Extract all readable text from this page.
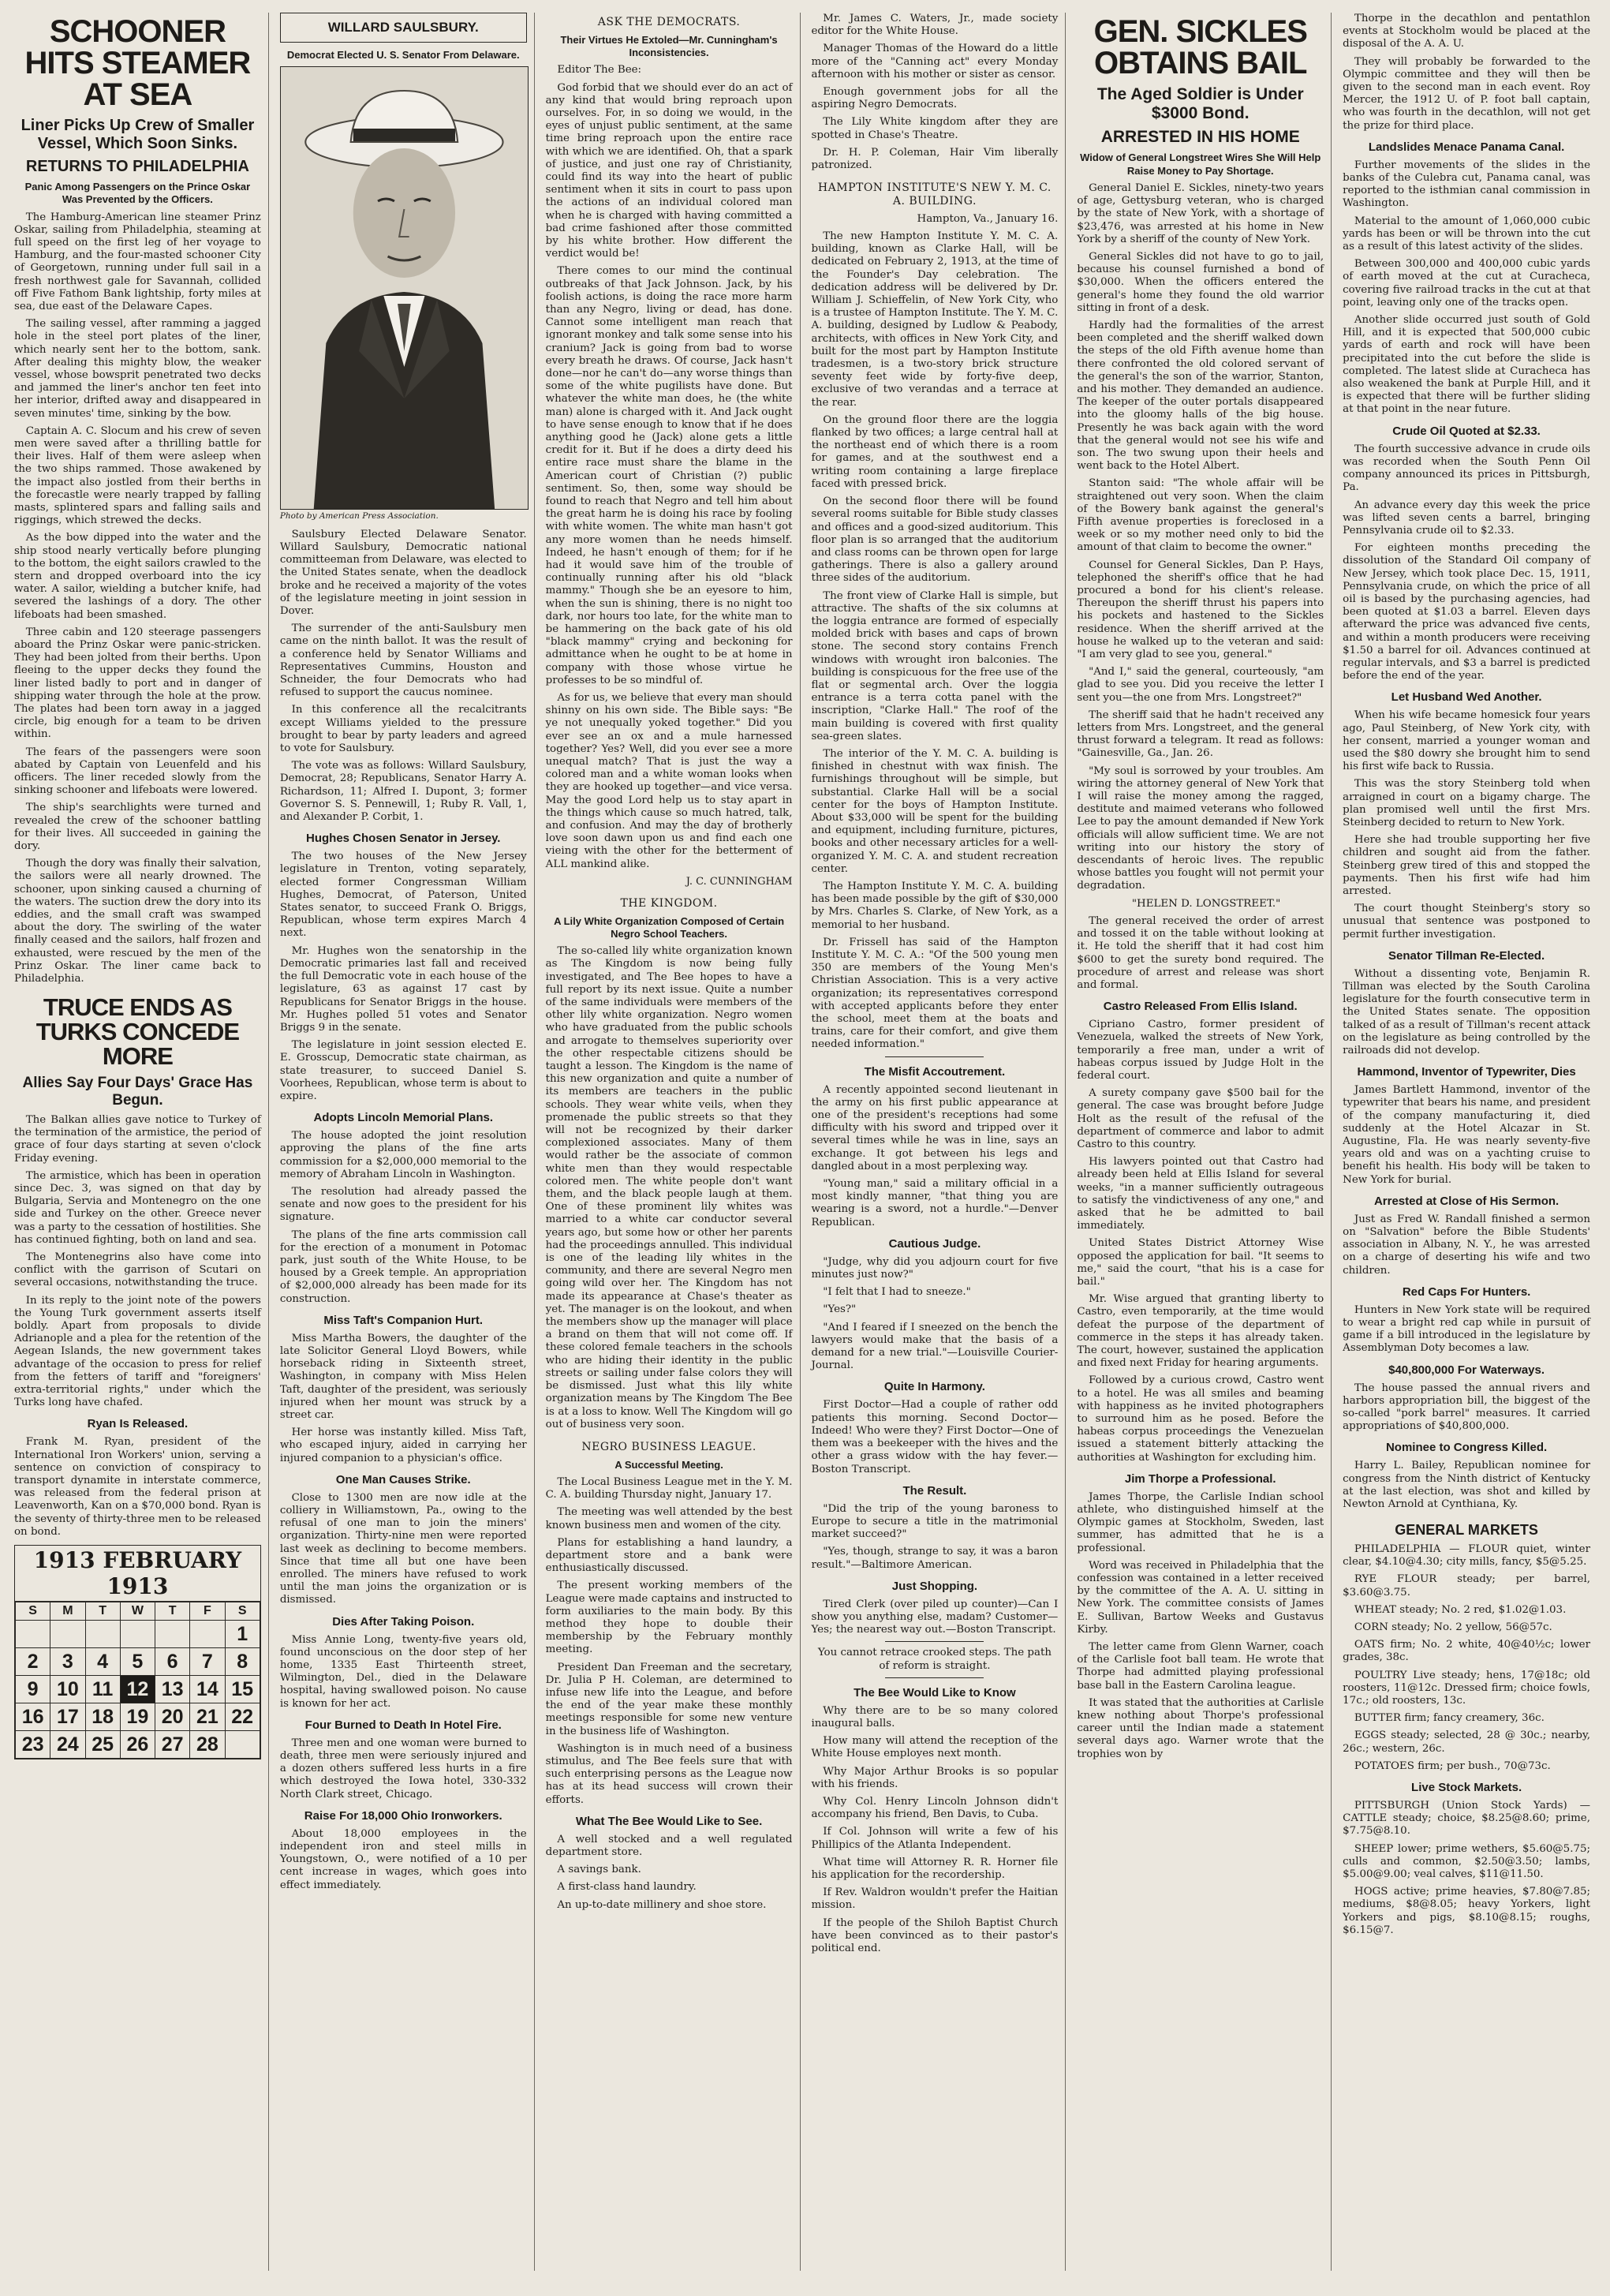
SCHOONER HITS STEAMER AT SEA
Liner Picks Up Crew of Smaller Vessel, Which Soon Sinks.
RETURNS TO PHILADELPHIA
Panic Among Passengers on the Prince Oskar Was Prevented by the Officers.

The Hamburg-American line steamer Prinz Oskar, sailing from Philadelphia, steaming at full speed on the first leg of her voyage to Hamburg, and the four-masted schooner City of Georgetown, running under full sail in a fresh northwest gale for Savannah, collided off Five Fathom Bank lightship, forty miles at sea, due east of the Delaware Capes.

The sailing vessel, after ramming a jagged hole in the steel port plates of the liner, which nearly sent her to the bottom, sank. After dealing this mighty blow, the weaker vessel, whose bowsprit penetrated two decks and jammed the liner's anchor ten feet into her interior, drifted away and disappeared in seven minutes' time, sinking by the bow.

Captain A. C. Slocum and his crew of seven men were saved after a thrilling battle for their lives. Half of them were asleep when the two ships rammed. Those awakened by the impact also jostled from their berths in the forecastle were nearly trapped by falling masts, splintered spars and falling sails and riggings, which strewed the decks.

As the bow dipped into the water and the ship stood nearly vertically before plunging to the bottom, the eight sailors crawled to the stern and dropped overboard into the icy water. A sailor, wielding a butcher knife, had severed the lashings of a dory. The other lifeboats had been smashed.

Three cabin and 120 steerage passengers aboard the Prinz Oskar were panic-stricken. They had been jolted from their berths. Upon fleeing to the upper decks they found the liner listed badly to port and in danger of shipping water through the hole at the prow. The plates had been torn away in a jagged circle, big enough for a team to be driven within.

The fears of the passengers were soon abated by Captain von Leuenfeld and his officers. The liner receded slowly from the sinking schooner and lifeboats were lowered.

The ship's searchlights were turned and revealed the crew of the schooner battling for their lives. All succeeded in gaining the dory.

Though the dory was finally their salvation, the sailors were all nearly drowned. The schooner, upon sinking caused a churning of the waters. The suction drew the dory into its eddies, and the small craft was swamped about the dory. The swirling of the water finally ceased and the sailors, half frozen and exhausted, were rescued by the men of the Prinz Oskar. The liner came back to Philadelphia.

TRUCE ENDS AS TURKS CONCEDE MORE
Allies Say Four Days' Grace Has Begun.

The Balkan allies gave notice to Turkey of the termination of the armistice, the period of grace of four days starting at seven o'clock Friday evening.

The armistice, which has been in operation since Dec. 3, was signed on that day by Bulgaria, Servia and Montenegro on the one side and Turkey on the other. Greece never was a party to the cessation of hostilities. She has continued fighting, both on land and sea.

The Montenegrins also have come into conflict with the garrison of Scutari on several occasions, notwithstanding the truce.

In its reply to the joint note of the powers the Young Turk government asserts itself boldly. Apart from proposals to divide Adrianople and a plea for the retention of the Aegean Islands, the new government takes advantage of the occasion to press for relief from the fetters of tariff and "foreigners' extra-territorial rights," under which the Turks long have chafed.

Ryan Is Released.

Frank M. Ryan, president of the International Iron Workers' union, serving a sentence on conviction of conspiracy to transport dynamite in interstate commerce, was released from the federal prison at Leavenworth, Kan on a $70,000 bond. Ryan is the seventy of thirty-three men to be released on bond.

1913 FEBRUARY 1913
S	M	T	W	T	F	S
						1
2	3	4	5	6	7	8
9	10	11	12	13	14	15
16	17	18	19	20	21	22
23	24	25	26	27	28	
WILLARD SAULSBURY.
Democrat Elected U. S. Senator From Delaware.
Photo by American Press Association.

Saulsbury Elected Delaware Senator. Willard Saulsbury, Democratic national committeeman from Delaware, was elected to the United States senate, when the deadlock broke and he received a majority of the votes of the legislature meeting in joint session in Dover.

The surrender of the anti-Saulsbury men came on the ninth ballot. It was the result of a conference held by Senator Williams and Representatives Cummins, Houston and Schneider, the four Democrats who had refused to support the caucus nominee.

In this conference all the recalcitrants except Williams yielded to the pressure brought to bear by party leaders and agreed to vote for Saulsbury.

The vote was as follows: Willard Saulsbury, Democrat, 28; Republicans, Senator Harry A. Richardson, 11; Alfred I. Dupont, 3; former Governor S. S. Pennewill, 1; Ruby R. Vall, 1, and Alexander P. Corbit, 1.

Hughes Chosen Senator in Jersey.

The two houses of the New Jersey legislature in Trenton, voting separately, elected former Congressman William Hughes, Democrat, of Paterson, United States senator, to succeed Frank O. Briggs, Republican, whose term expires March 4 next.

Mr. Hughes won the senatorship in the Democratic primaries last fall and received the full Democratic vote in each house of the legislature, 63 as against 17 cast by Republicans for Senator Briggs in the house. Mr. Hughes polled 51 votes and Senator Briggs 9 in the senate.

The legislature in joint session elected E. E. Grosscup, Democratic state chairman, as state treasurer, to succeed Daniel S. Voorhees, Republican, whose term is about to expire.

Adopts Lincoln Memorial Plans.

The house adopted the joint resolution approving the plans of the fine arts commission for a $2,000,000 memorial to the memory of Abraham Lincoln in Washington.

The resolution had already passed the senate and now goes to the president for his signature.

The plans of the fine arts commission call for the erection of a monument in Potomac park, just south of the White House, to be housed by a Greek temple. An appropriation of $2,000,000 already has been made for its construction.

Miss Taft's Companion Hurt.

Miss Martha Bowers, the daughter of the late Solicitor General Lloyd Bowers, while horseback riding in Sixteenth street, Washington, in company with Miss Helen Taft, daughter of the president, was seriously injured when her mount was struck by a street car.

Her horse was instantly killed. Miss Taft, who escaped injury, aided in carrying her injured companion to a physician's office.

One Man Causes Strike.

Close to 1300 men are now idle at the colliery in Williamstown, Pa., owing to the refusal of one man to join the miners' organization. Thirty-nine men were reported last week as declining to become members. Since that time all but one have been enrolled. The miners have refused to work until the man joins the organization or is dismissed.

Dies After Taking Poison.

Miss Annie Long, twenty-five years old, found unconscious on the door step of her home, 1335 East Thirteenth street, Wilmington, Del., died in the Delaware hospital, having swallowed poison. No cause is known for her act.

Four Burned to Death In Hotel Fire.

Three men and one woman were burned to death, three men were seriously injured and a dozen others suffered less hurts in a fire which destroyed the Iowa hotel, 330-332 North Clark street, Chicago.

Raise For 18,000 Ohio Ironworkers.

About 18,000 employees in the independent iron and steel mills in Youngstown, O., were notified of a 10 per cent increase in wages, which goes into effect immediately.

ASK THE DEMOCRATS.
Their Virtues He Extoled—Mr. Cunningham's Inconsistencies.

Editor The Bee:

God forbid that we should ever do an act of any kind that would bring reproach upon ourselves. For, in so doing we would, in the eyes of unjust public sentiment, at the same time bring reproach upon the entire race with which we are identified. Oh, that a spark of justice, and just one ray of Christianity, could find its way into the heart of public sentiment when it sits in court to pass upon the actions of an individual colored man when he is charged with having committed a bad crime fashioned after those committed by his white brother. How different the verdict would be!

There comes to our mind the continual outbreaks of that Jack Johnson. Jack, by his foolish actions, is doing the race more harm than any Negro, living or dead, has done. Cannot some intelligent man reach that ignorant monkey and talk some sense into his cranium? Jack is going from bad to worse every breath he draws. Of course, Jack hasn't done—nor he can't do—any worse things than some of the white pugilists have done. But whatever the white man does, he (the white man) alone is charged with it. And Jack ought to have sense enough to know that if he does anything good he (Jack) alone gets a little credit for it. But if he does a dirty deed his entire race must share the blame in the American court of Christian (?) public sentiment. So, then, some way should be found to reach that Negro and tell him about the great harm he is doing his race by fooling with white women. The white man hasn't got any more women than he needs himself. Indeed, he hasn't enough of them; for if he had it would save him of the trouble of continually running after his old "black mammy." Though she be an eyesore to him, when the sun is shining, there is no night too dark, nor hours too late, for the white man to be hammering on the back gate of his old "black mammy" crying and beckoning for admittance when he ought to be at home in company with those whose virtue he professes to be so mindful of.

As for us, we believe that every man should shinny on his own side. The Bible says: "Be ye not unequally yoked together." Did you ever see an ox and a mule harnessed together? Yes? Well, did you ever see a more unequal match? That is just the way a colored man and a white woman looks when they are hooked up together—and vice versa. May the good Lord help us to stay apart in the things which cause so much hatred, talk, and confusion. And may the day of brotherly love soon dawn upon us and find each one vieing with the other for the betterment of ALL mankind alike.

J. C. CUNNINGHAM
THE KINGDOM.
A Lily White Organization Composed of Certain Negro School Teachers.

The so-called lily white organization known as The Kingdom is now being fully investigated, and The Bee hopes to have a full report by its next issue. Quite a number of the same individuals were members of the other lily white organization. Negro women who have graduated from the public schools and arrogate to themselves superiority over the other respectable citizens should be taught a lesson. The Kingdom is the name of this new organization and quite a number of its members are teachers in the public schools. They wear white veils, when they promenade the public streets so that they will not be recognized by their darker complexioned associates. Many of them would rather be the associate of common white men than they would respectable colored men. The white people don't want them, and the black people laugh at them. One of these prominent lily whites was married to a white car conductor several years ago, but some how or other her parents had the proceedings annulled. This individual is one of the leading lily whites in the community, and there are several Negro men going wild over her. The Kingdom has not made its appearance at Chase's theater as yet. The manager is on the lookout, and when the members show up the manager will place a brand on them that will not come off. If these colored female teachers in the schools who are hiding their identity in the public streets or sailing under false colors they will be dismissed. Just what this lily white organization means by The Kingdom The Bee is at a loss to know. Well The Kingdom will go out of business very soon.

NEGRO BUSINESS LEAGUE.
A Successful Meeting.

The Local Business League met in the Y. M. C. A. building Thursday night, January 17.

The meeting was well attended by the best known business men and women of the city.

Plans for establishing a hand laundry, a department store and a bank were enthusiastically discussed.

The present working members of the League were made captains and instructed to form auxiliaries to the main body. By this method they hope to double their membership by the February monthly meeting.

President Dan Freeman and the secretary, Dr. Julia P H. Coleman, are determined to infuse new life into the League, and before the end of the year make these monthly meetings responsible for some new venture in the business life of Washington.

Washington is in much need of a business stimulus, and The Bee feels sure that with such enterprising persons as the League now has at its head success will crown their efforts.

What The Bee Would Like to See.

A well stocked and a well regulated department store.

A savings bank.

A first-class hand laundry.

An up-to-date millinery and shoe store.

Mr. James C. Waters, Jr., made society editor for the White House.

Manager Thomas of the Howard do a little more of the "Canning act" every Monday afternoon with his mother or sister as censor.

Enough government jobs for all the aspiring Negro Democrats.

The Lily White kingdom after they are spotted in Chase's Theatre.

Dr. H. P. Coleman, Hair Vim liberally patronized.

HAMPTON INSTITUTE'S NEW Y. M. C. A. BUILDING.

Hampton, Va., January 16.

The new Hampton Institute Y. M. C. A. building, known as Clarke Hall, will be dedicated on February 2, 1913, at the time of the Founder's Day celebration. The dedication address will be delivered by Dr. William J. Schieffelin, of New York City, who is a trustee of Hampton Institute. The Y. M. C. A. building, designed by Ludlow & Peabody, architects, with offices in New York City, and built for the most part by Hampton Institute tradesmen, is a two-story brick structure seventy feet wide by forty-five deep, exclusive of two verandas and a terrace at the rear.

On the ground floor there are the loggia flanked by two offices; a large central hall at the northeast end of which there is a room for games, and at the southwest end a writing room containing a large fireplace faced with pressed brick.

On the second floor there will be found several rooms suitable for Bible study classes and offices and a good-sized auditorium. This floor plan is so arranged that the auditorium and class rooms can be thrown open for large gatherings. There is also a gallery around three sides of the auditorium.

The front view of Clarke Hall is simple, but attractive. The shafts of the six columns at the loggia entrance are formed of especially molded brick with bases and caps of brown stone. The second story contains French windows with wrought iron balconies. The building is conspicuous for the free use of the flat or segmental arch. Over the loggia entrance is a terra cotta panel with the inscription, "Clarke Hall." The roof of the main building is covered with first quality sea-green slates.

The interior of the Y. M. C. A. building is finished in chestnut with wax finish. The furnishings throughout will be simple, but substantial. Clarke Hall will be a social center for the boys of Hampton Institute. About $33,000 will be spent for the building and equipment, including furniture, pictures, books and other necessary articles for a well-organized Y. M. C. A. and student recreation center.

The Hampton Institute Y. M. C. A. building has been made possible by the gift of $30,000 by Mrs. Charles S. Clarke, of New York, as a memorial to her husband.

Dr. Frissell has said of the Hampton Institute Y. M. C. A.: "Of the 500 young men 350 are members of the Young Men's Christian Association. This is a very active organization; its representatives correspond with accepted applicants before they enter the school, meet them at the boats and trains, care for their comfort, and give them needed information."

The Misfit Accoutrement.

A recently appointed second lieutenant in the army on his first public appearance at one of the president's receptions had some difficulty with his sword and tripped over it several times while he was in line, says an exchange. It got between his legs and dangled about in a most perplexing way.

"Young man," said a military official in a most kindly manner, "that thing you are wearing is a sword, not a hurdle."—Denver Republican.

Cautious Judge.

"Judge, why did you adjourn court for five minutes just now?"

"I felt that I had to sneeze."

"Yes?"

"And I feared if I sneezed on the bench the lawyers would make that the basis of a demand for a new trial."—Louisville Courier-Journal.

Quite In Harmony.

First Doctor—Had a couple of rather odd patients this morning. Second Doctor—Indeed! Who were they? First Doctor—One of them was a beekeeper with the hives and the other a grass widow with the hay fever.—Boston Transcript.

The Result.

"Did the trip of the young baroness to Europe to secure a title in the matrimonial market succeed?"

"Yes, though, strange to say, it was a baron result."—Baltimore American.

Just Shopping.

Tired Clerk (over piled up counter)—Can I show you anything else, madam? Customer—Yes; the nearest way out.—Boston Transcript.

You cannot retrace crooked steps. The path of reform is straight.

The Bee Would Like to Know

Why there are to be so many colored inaugural balls.

How many will attend the reception of the White House employes next month.

Why Major Arthur Brooks is so popular with his friends.

Why Col. Henry Lincoln Johnson didn't accompany his friend, Ben Davis, to Cuba.

If Col. Johnson will write a few of his Phillipics of the Atlanta Independent.

What time will Attorney R. R. Horner file his application for the recordership.

If Rev. Waldron wouldn't prefer the Haitian mission.

If the people of the Shiloh Baptist Church have been convinced as to their pastor's political end.

GEN. SICKLES OBTAINS BAIL
The Aged Soldier is Under $3000 Bond.
ARRESTED IN HIS HOME
Widow of General Longstreet Wires She Will Help Raise Money to Pay Shortage.

General Daniel E. Sickles, ninety-two years of age, Gettysburg veteran, who is charged by the state of New York, with a shortage of $23,476, was arrested at his home in New York by a sheriff of the county of New York.

General Sickles did not have to go to jail, because his counsel furnished a bond of $30,000. When the officers entered the general's home they found the old warrior sitting in front of a desk.

Hardly had the formalities of the arrest been completed and the sheriff walked down the steps of the old Fifth avenue home than there confronted the old colored servant of the general's the son of the warrior, Stanton, and his mother. They demanded an audience. The keeper of the outer portals disappeared into the gloomy halls of the big house. Presently he was back again with the word that the general would not see his wife and son. The two swung upon their heels and went back to the Hotel Albert.

Stanton said: "The whole affair will be straightened out very soon. When the claim of the Bowery bank against the general's Fifth avenue properties is foreclosed in a week or so my mother need only to bid the amount of that claim to become the owner."

Counsel for General Sickles, Dan P. Hays, telephoned the sheriff's office that he had procured a bond for his client's release. Thereupon the sheriff thrust his papers into his pockets and hastened to the Sickles residence. When the sheriff arrived at the house he walked up to the veteran and said: "I am very glad to see you, general."

"And I," said the general, courteously, "am glad to see you. Did you receive the letter I sent you—the one from Mrs. Longstreet?"

The sheriff said that he hadn't received any letters from Mrs. Longstreet, and the general thrust forward a telegram. It read as follows: "Gainesville, Ga., Jan. 26.

"My soul is sorrowed by your troubles. Am wiring the attorney general of New York that I will raise the money among the ragged, destitute and maimed veterans who followed Lee to pay the amount demanded if New York officials will allow sufficient time. We are not writing into our history the story of descendants of heroic lives. The republic whose battles you fought will not permit your degradation.

"HELEN D. LONGSTREET."

The general received the order of arrest and tossed it on the table without looking at it. He told the sheriff that it had cost him $600 to get the surety bond required. The procedure of arrest and release was short and formal.

Castro Released From Ellis Island.

Cipriano Castro, former president of Venezuela, walked the streets of New York, temporarily a free man, under a writ of habeas corpus issued by Judge Holt in the federal court.

A surety company gave $500 bail for the general. The case was brought before Judge Holt as the result of the refusal of the department of commerce and labor to admit Castro to this country.

His lawyers pointed out that Castro had already been held at Ellis Island for several weeks, "in a manner sufficiently outrageous to satisfy the vindictiveness of any one," and asked that he be admitted to bail immediately.

United States District Attorney Wise opposed the application for bail. "It seems to me," said the court, "that his is a case for bail."

Mr. Wise argued that granting liberty to Castro, even temporarily, at the time would defeat the purpose of the department of commerce in the steps it has already taken. The court, however, sustained the application and fixed next Friday for hearing arguments.

Followed by a curious crowd, Castro went to a hotel. He was all smiles and beaming with happiness as he invited photographers to surround him as he posed. Before the habeas corpus proceedings the Venezuelan issued a statement bitterly attacking the authorities at Washington for excluding him.

Jim Thorpe a Professional.

James Thorpe, the Carlisle Indian school athlete, who distinguished himself at the Olympic games at Stockholm, Sweden, last summer, has admitted that he is a professional.

Word was received in Philadelphia that the confession was contained in a letter received by the committee of the A. A. U. sitting in New York. The committee consists of James E. Sullivan, Bartow Weeks and Gustavus Kirby.

The letter came from Glenn Warner, coach of the Carlisle foot ball team. He wrote that Thorpe had admitted playing professional base ball in the Eastern Carolina league.

It was stated that the authorities at Carlisle knew nothing about Thorpe's professional career until the Indian made a statement several days ago. Warner wrote that the trophies won by

Thorpe in the decathlon and pentathlon events at Stockholm would be placed at the disposal of the A. A. U.

They will probably be forwarded to the Olympic committee and they will then be given to the second man in each event. Roy Mercer, the 1912 U. of P. foot ball captain, who was fourth in the decathlon, will not get the prize for third place.

Landslides Menace Panama Canal.

Further movements of the slides in the banks of the Culebra cut, Panama canal, was reported to the isthmian canal commission in Washington.

Material to the amount of 1,060,000 cubic yards has been or will be thrown into the cut as a result of this latest activity of the slides.

Between 300,000 and 400,000 cubic yards of earth moved at the cut at Curacheca, covering five railroad tracks in the cut at that point, leaving only one of the tracks open.

Another slide occurred just south of Gold Hill, and it is expected that 500,000 cubic yards of earth and rock will have been precipitated into the cut before the slide is completed. The latest slide at Curacheca has also weakened the bank at Purple Hill, and it is expected that there will be further sliding at that point in the near future.

Crude Oil Quoted at $2.33.

The fourth successive advance in crude oils was recorded when the South Penn Oil company announced its prices in Pittsburgh, Pa.

An advance every day this week the price was lifted seven cents a barrel, bringing Pennsylvania crude oil to $2.33.

For eighteen months preceding the dissolution of the Standard Oil company of New Jersey, which took place Dec. 15, 1911, Pennsylvania crude, on which the price of all oil is based by the purchasing agencies, had been quoted at $1.03 a barrel. Eleven days afterward the price was advanced five cents, and within a month producers were receiving $1.50 a barrel for oil. Advances continued at regular intervals, and $3 a barrel is predicted before the end of the year.

Let Husband Wed Another.

When his wife became homesick four years ago, Paul Steinberg, of New York city, with her consent, married a younger woman and used the $80 dowry she brought him to send his first wife back to Russia.

This was the story Steinberg told when arraigned in court on a bigamy charge. The plan promised well until the first Mrs. Steinberg decided to return to New York.

Here she had trouble supporting her five children and sought aid from the father. Steinberg grew tired of this and stopped the payments. Then his first wife had him arrested.

The court thought Steinberg's story so unusual that sentence was postponed to permit further investigation.

Senator Tillman Re-Elected.

Without a dissenting vote, Benjamin R. Tillman was elected by the South Carolina legislature for the fourth consecutive term in the United States senate. The opposition talked of as a result of Tillman's recent attack on the legislature as being controlled by the railroads did not develop.

Hammond, Inventor of Typewriter, Dies

James Bartlett Hammond, inventor of the typewriter that bears his name, and president of the company manufacturing it, died suddenly at the Hotel Alcazar in St. Augustine, Fla. He was nearly seventy-five years old and was on a yachting cruise to benefit his health. His body will be taken to New York for burial.

Arrested at Close of His Sermon.

Just as Fred W. Randall finished a sermon on "Salvation" before the Bible Students' association in Albany, N. Y., he was arrested on a charge of deserting his wife and two children.

Red Caps For Hunters.

Hunters in New York state will be required to wear a bright red cap while in pursuit of game if a bill introduced in the legislature by Assemblyman Doty becomes a law.

$40,800,000 For Waterways.

The house passed the annual rivers and harbors appropriation bill, the biggest of the so-called "pork barrel" measures. It carried appropriations of $40,800,000.

Nominee to Congress Killed.

Harry L. Bailey, Republican nominee for congress from the Ninth district of Kentucky at the last election, was shot and killed by Newton Arnold at Cynthiana, Ky.

GENERAL MARKETS

PHILADELPHIA — FLOUR quiet, winter clear, $4.10@4.30; city mills, fancy, $5@5.25.

RYE FLOUR steady; per barrel, $3.60@3.75.

WHEAT steady; No. 2 red, $1.02@1.03.

CORN steady; No. 2 yellow, 56@57c.

OATS firm; No. 2 white, 40@40½c; lower grades, 38c.

POULTRY Live steady; hens, 17@18c; old roosters, 11@12c. Dressed firm; choice fowls, 17c.; old roosters, 13c.

BUTTER firm; fancy creamery, 36c.

EGGS steady; selected, 28 @ 30c.; nearby, 26c.; western, 26c.

POTATOES firm; per bush., 70@73c.

Live Stock Markets.

PITTSBURGH (Union Stock Yards) — CATTLE steady; choice, $8.25@8.60; prime, $7.75@8.10.

SHEEP lower; prime wethers, $5.60@5.75; culls and common, $2.50@3.50; lambs, $5.00@9.00; veal calves, $11@11.50.

HOGS active; prime heavies, $7.80@7.85; mediums, $8@8.05; heavy Yorkers, light Yorkers and pigs, $8.10@8.15; roughs, $6.15@7.
